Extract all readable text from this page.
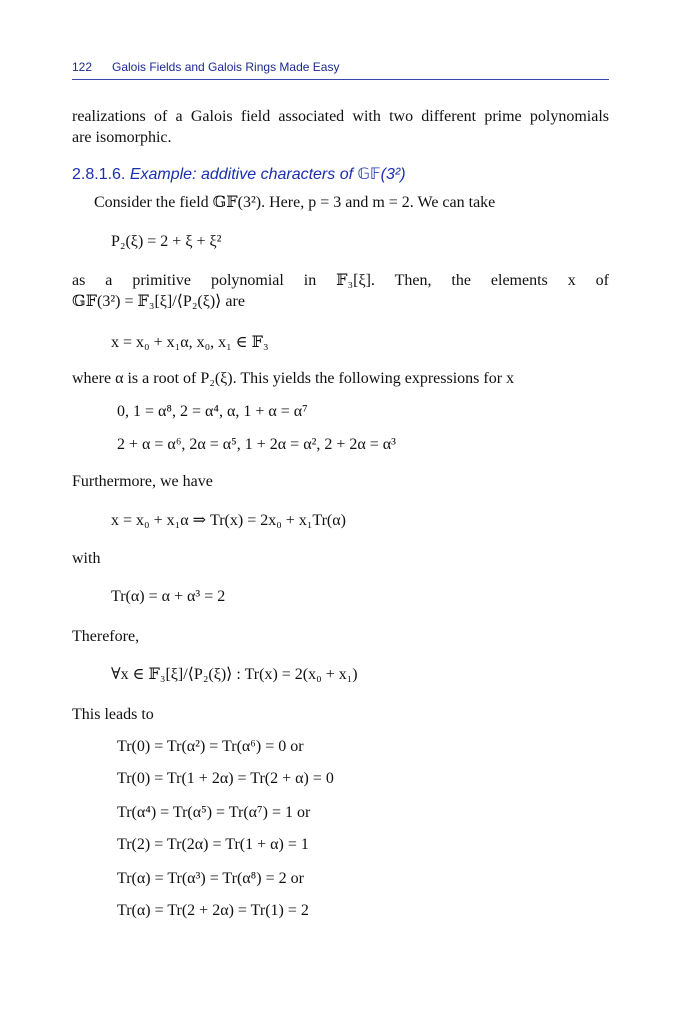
122 Galois Fields and Galois Rings Made Easy
realizations of a Galois field associated with two different prime polynomials
are isomorphic.
2.8.1.6. Example: additive characters of 𝔾𝔽(3²)
Consider the field 𝔾𝔽(3²). Here, p = 3 and m = 2. We can take
P₂(ξ) = 2 + ξ + ξ²
as a primitive polynomial in 𝔽₃[ξ]. Then, the elements x of
𝔾𝔽(3²) = 𝔽₃[ξ]/⟨P₂(ξ)⟩ are
x = x₀ + x₁α, x₀, x₁ ∈ 𝔽₃
where α is a root of P₂(ξ). This yields the following expressions for x
0, 1 = α⁸, 2 = α⁴, α, 1 + α = α⁷
2 + α = α⁶, 2α = α⁵, 1 + 2α = α², 2 + 2α = α³
Furthermore, we have
x = x₀ + x₁α ⇒ Tr(x) = 2x₀ + x₁Tr(α)
with
Tr(α) = α + α³ = 2
Therefore,
∀x ∈ 𝔽₃[ξ]/⟨P₂(ξ)⟩ : Tr(x) = 2(x₀ + x₁)
This leads to
Tr(0) = Tr(α²) = Tr(α⁶) = 0 or
Tr(0) = Tr(1 + 2α) = Tr(2 + α) = 0
Tr(α⁴) = Tr(α⁵) = Tr(α⁷) = 1 or
Tr(2) = Tr(2α) = Tr(1 + α) = 1
Tr(α) = Tr(α³) = Tr(α⁸) = 2 or
Tr(α) = Tr(2 + 2α) = Tr(1) = 2
